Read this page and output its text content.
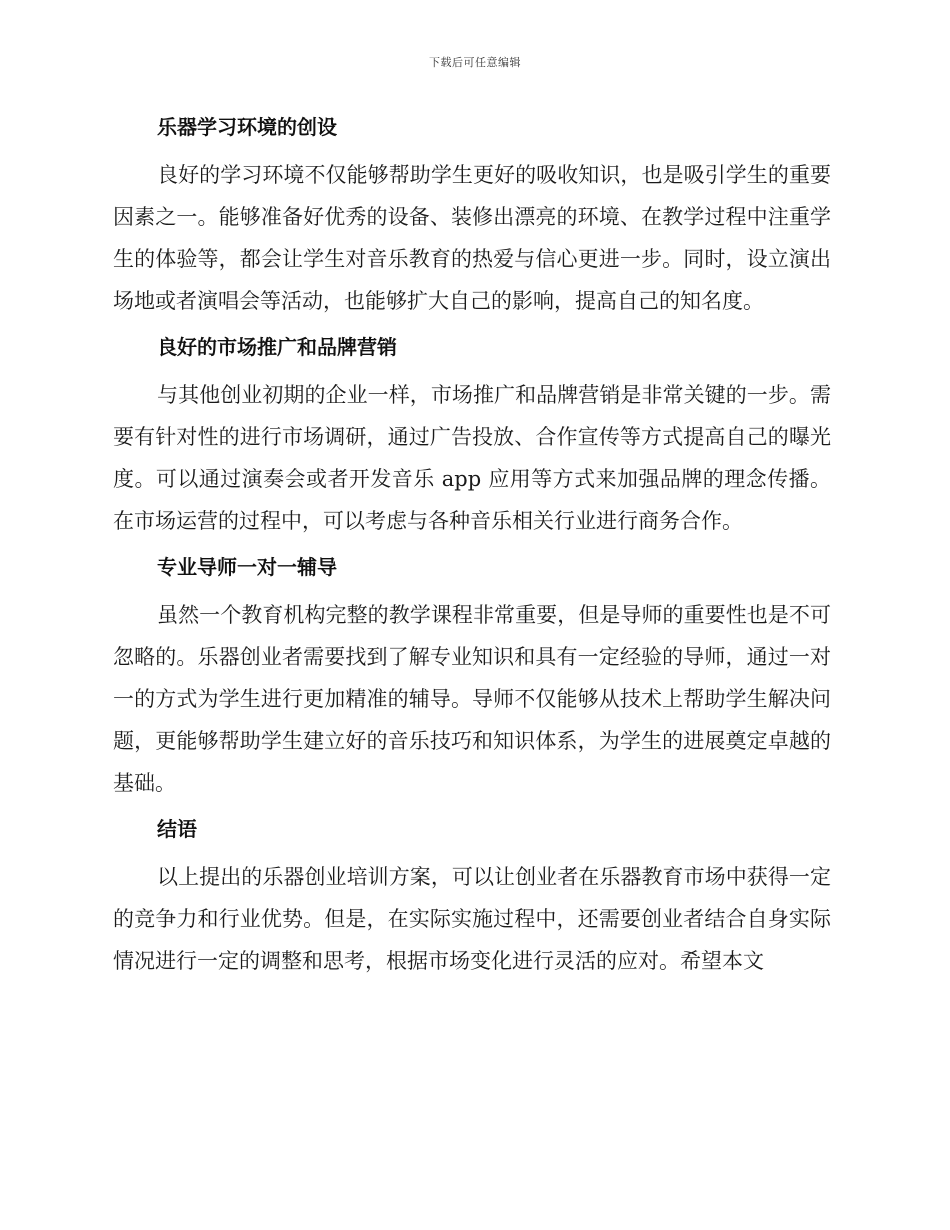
下载后可任意编辑
乐器学习环境的创设
良好的学习环境不仅能够帮助学生更好的吸收知识，也是吸引学生的重要因素之一。能够准备好优秀的设备、装修出漂亮的环境、在教学过程中注重学生的体验等，都会让学生对音乐教育的热爱与信心更进一步。同时，设立演出场地或者演唱会等活动，也能够扩大自己的影响，提高自己的知名度。
良好的市场推广和品牌营销
与其他创业初期的企业一样，市场推广和品牌营销是非常关键的一步。需要有针对性的进行市场调研，通过广告投放、合作宣传等方式提高自己的曝光度。可以通过演奏会或者开发音乐 app 应用等方式来加强品牌的理念传播。在市场运营的过程中，可以考虑与各种音乐相关行业进行商务合作。
专业导师一对一辅导
虽然一个教育机构完整的教学课程非常重要，但是导师的重要性也是不可忽略的。乐器创业者需要找到了解专业知识和具有一定经验的导师，通过一对一的方式为学生进行更加精准的辅导。导师不仅能够从技术上帮助学生解决问题，更能够帮助学生建立好的音乐技巧和知识体系，为学生的进展奠定卓越的基础。
结语
以上提出的乐器创业培训方案，可以让创业者在乐器教育市场中获得一定的竞争力和行业优势。但是，在实际实施过程中，还需要创业者结合自身实际情况进行一定的调整和思考，根据市场变化进行灵活的应对。希望本文
